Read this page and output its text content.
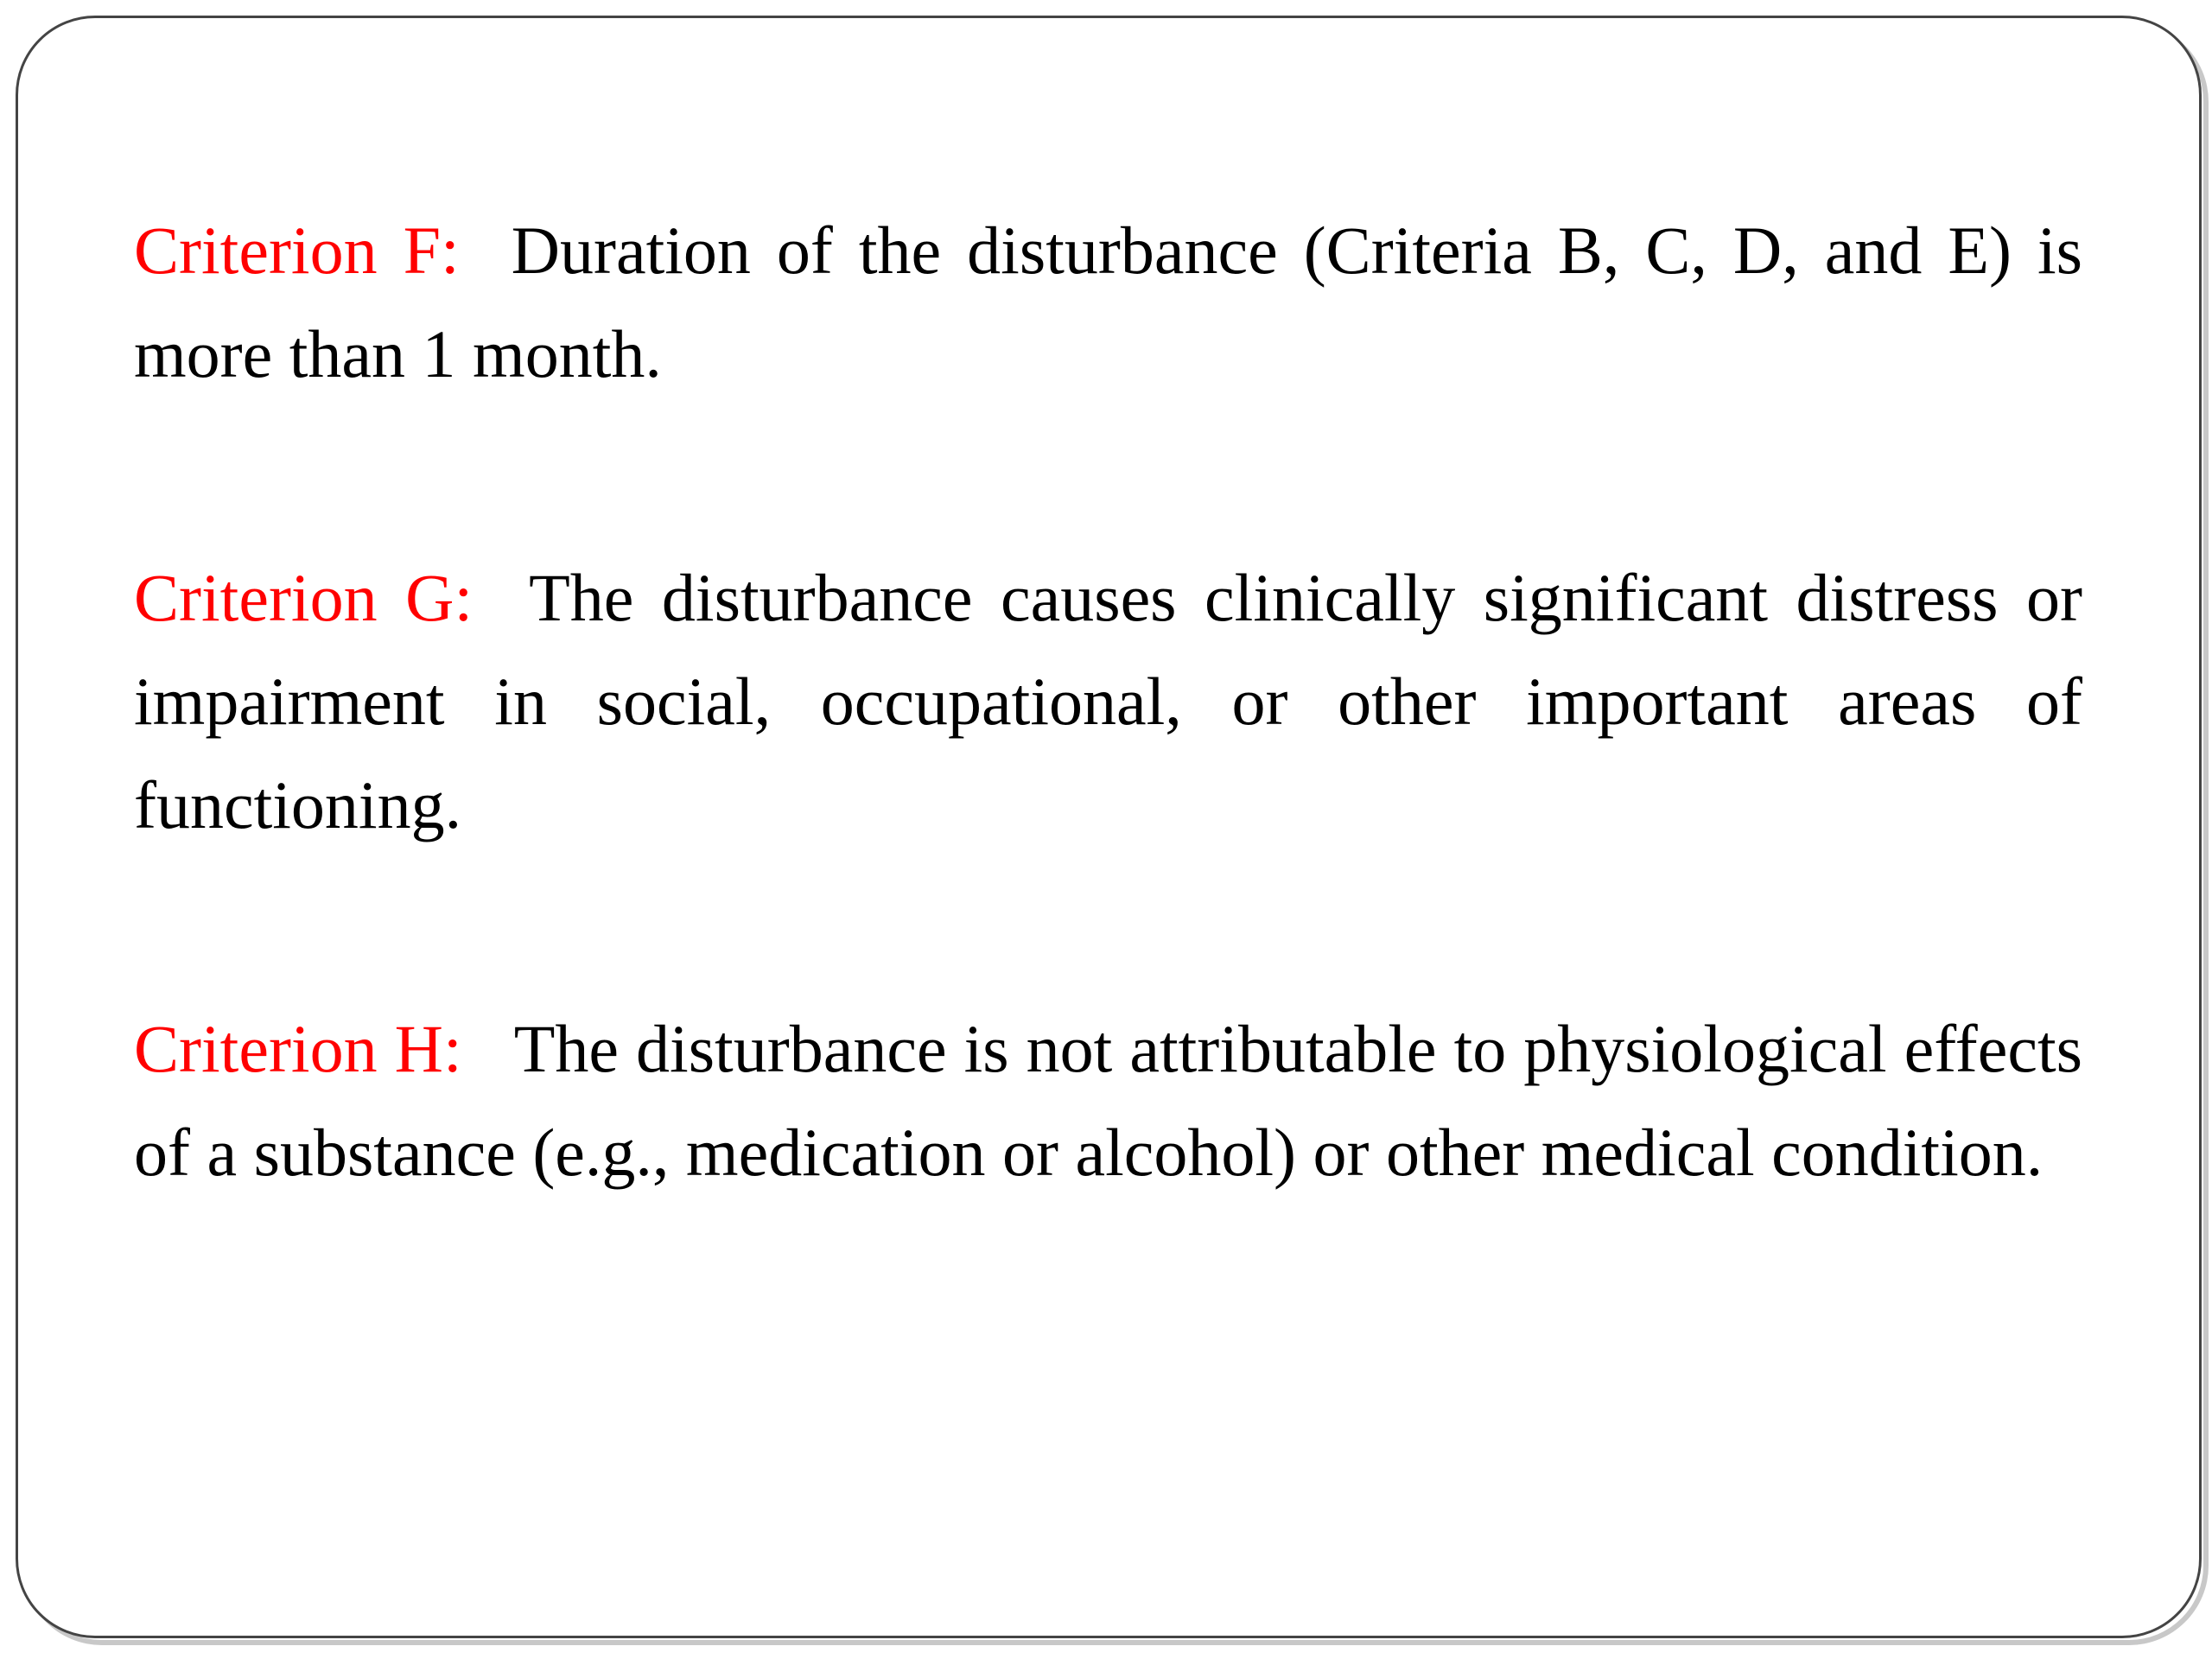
Criterion F: Duration of the disturbance (Criteria B, C, D, and E) is more than 1 month.

Criterion G: The disturbance causes clinically significant distress or impairment in social, occupational, or other important areas of functioning.

Criterion H: The disturbance is not attributable to physiological effects of a substance (e.g., medication or alcohol) or other medical condition.
